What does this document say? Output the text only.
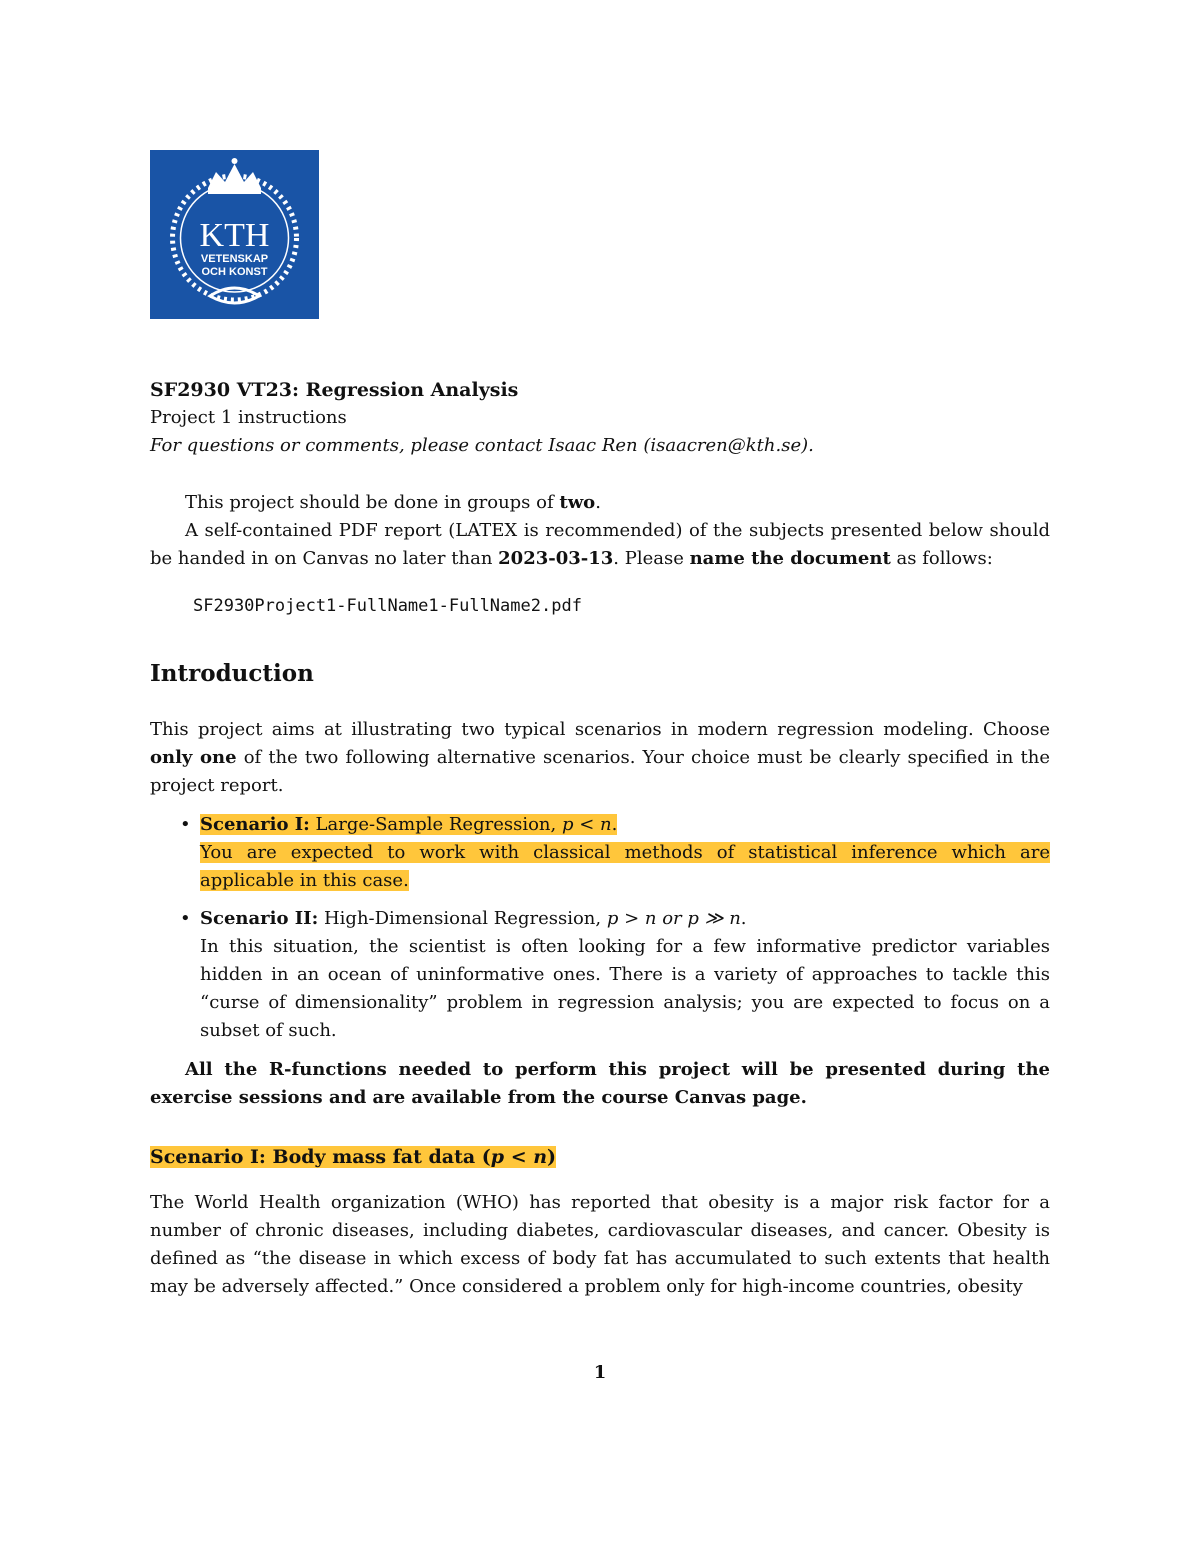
KTH
VETENSKAP
OCH KONST
SF2930 VT23: Regression Analysis
Project 1 instructions
For questions or comments, please contact Isaac Ren (isaacren@kth.se).

This project should be done in groups of two.

A self-contained PDF report (LATEX is recommended) of the subjects presented below should be handed in on Canvas no later than 2023-03-13. Please name the document as follows:

SF2930Project1-FullName1-FullName2.pdf
Introduction

This project aims at illustrating two typical scenarios in modern regression modeling. Choose only one of the two following alternative scenarios. Your choice must be clearly specified in the project report.

• Scenario I: Large-Sample Regression, p < n.
You are expected to work with classical methods of statistical inference which are applicable in this case.
• Scenario II: High-Dimensional Regression, p > n or p ≫ n.
In this situation, the scientist is often looking for a few informative predictor variables hidden in an ocean of uninformative ones. There is a variety of approaches to tackle this “curse of dimensionality” problem in regression analysis; you are expected to focus on a subset of such.

All the R-functions needed to perform this project will be presented during the exercise sessions and are available from the course Canvas page.

Scenario I: Body mass fat data (p < n)

The World Health organization (WHO) has reported that obesity is a major risk factor for a number of chronic diseases, including diabetes, cardiovascular diseases, and cancer. Obesity is defined as “the disease in which excess of body fat has accumulated to such extents that health may be adversely affected.” Once considered a problem only for high-income countries, obesity

1
